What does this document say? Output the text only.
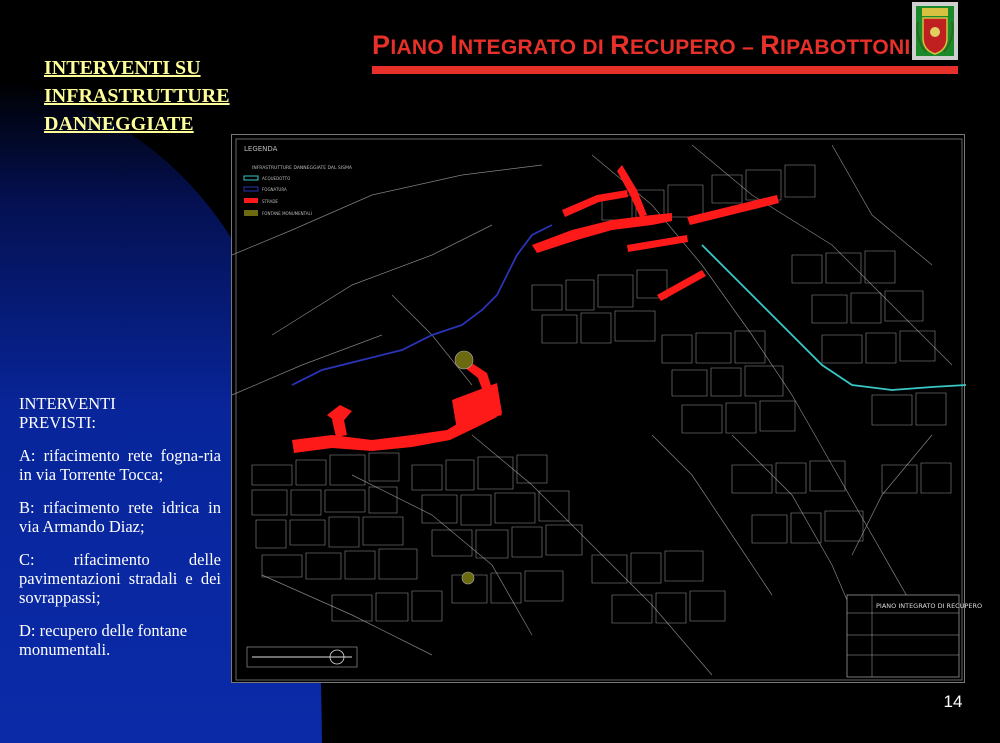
PIANO INTEGRATO DI RECUPERO – RIPABOTTONI
INTERVENTI SU
INFRASTRUTTURE
DANNEGGIATE

INTERVENTI PREVISTI:

A: rifacimento rete fogna-ria in via Torrente Tocca;

B: rifacimento rete idrica in via Armando Diaz;

C: rifacimento delle pavimentazioni stradali e dei sovrappassi;

D: recupero delle fontane monumentali.

LEGENDA
INFRASTRUTTURE DANNEGGIATE DAL SISMA
ACQUEDOTTO
FOGNATURA
STRADE
FONTANE MONUMENTALI
PIANO INTEGRATO DI RECUPERO
14
